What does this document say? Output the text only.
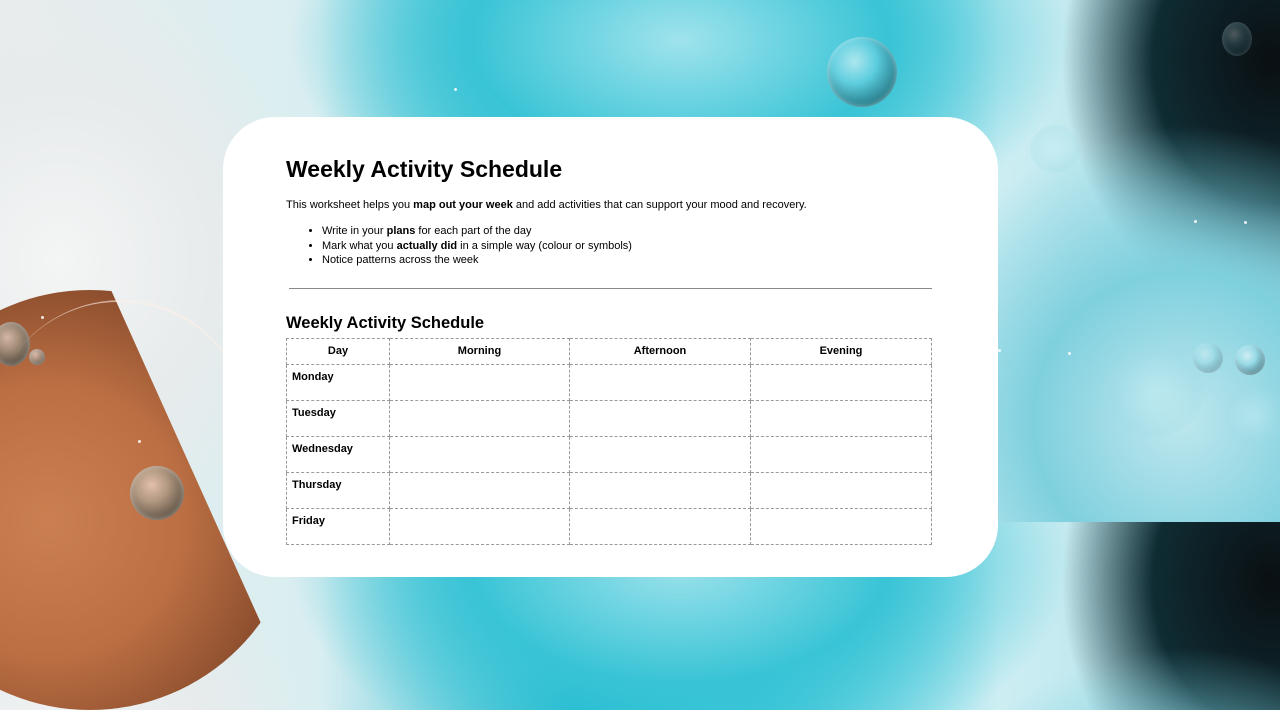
Weekly Activity Schedule

This worksheet helps you map out your week and add activities that can support your mood and recovery.

• Write in your plans for each part of the day
• Mark what you actually did in a simple way (colour or symbols)
• Notice patterns across the week
Weekly Activity Schedule
Day	Morning	Afternoon	Evening
Monday			
Tuesday			
Wednesday			
Thursday			
Friday			
